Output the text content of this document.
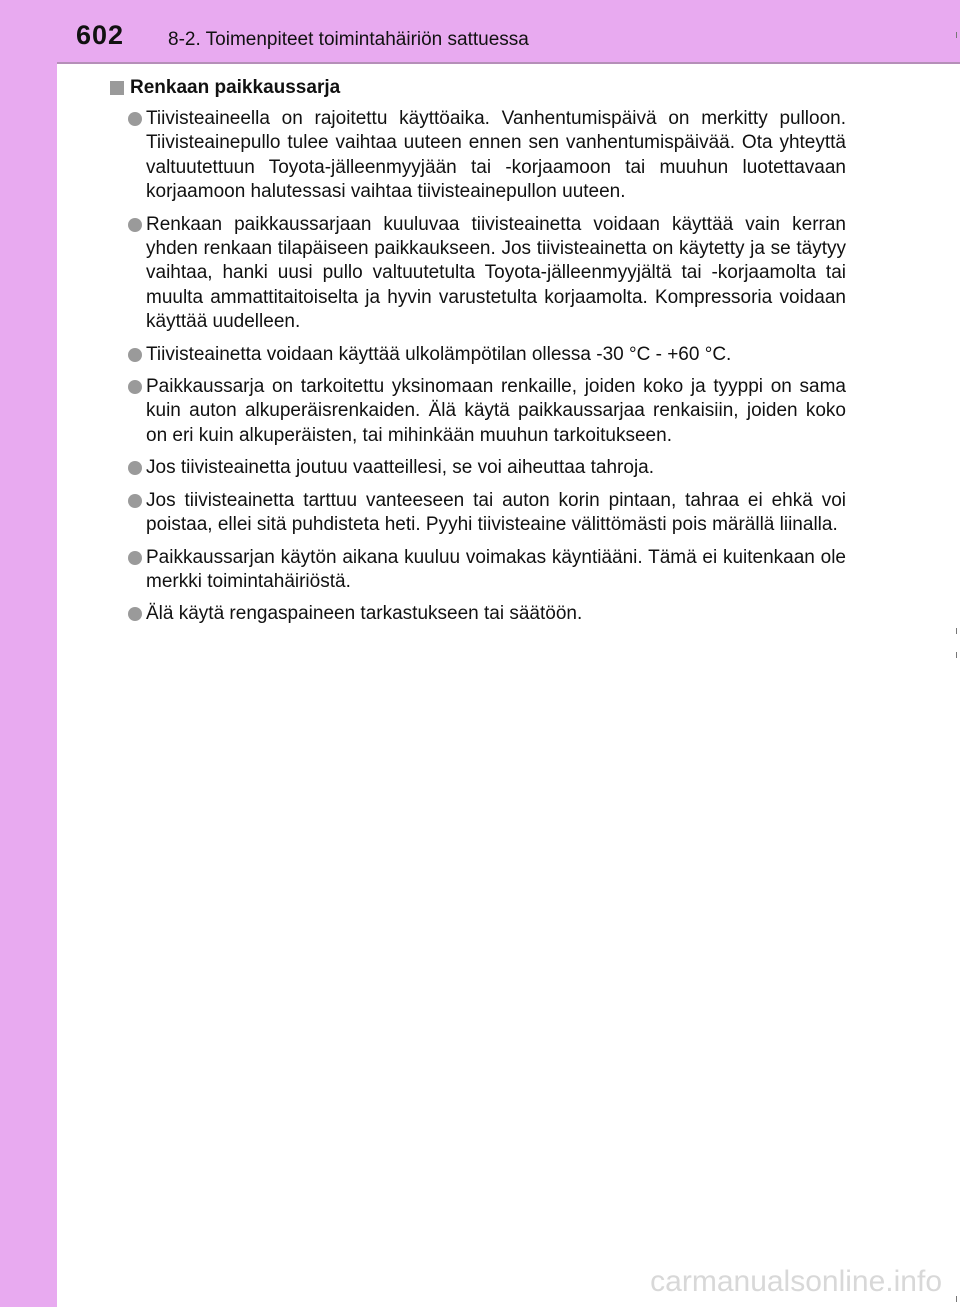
602 8-2. Toimenpiteet toimintahäiriön sattuessa
Renkaan paikkaussarja
Tiivisteaineella on rajoitettu käyttöaika. Vanhentumispäivä on merkitty pulloon. Tiivisteainepullo tulee vaihtaa uuteen ennen sen vanhentumispäivää. Ota yhteyttä valtuutettuun Toyota-jälleenmyyjään tai -korjaamoon tai muuhun luotettavaan korjaamoon halutessasi vaihtaa tiivisteainepullon uuteen.
Renkaan paikkaussarjaan kuuluvaa tiivisteainetta voidaan käyttää vain kerran yhden renkaan tilapäiseen paikkaukseen. Jos tiivisteainetta on käytetty ja se täytyy vaihtaa, hanki uusi pullo valtuutetulta Toyota-jälleenmyyjältä tai -korjaamolta tai muulta ammattitaitoiselta ja hyvin varustetulta korjaamolta. Kompressoria voidaan käyttää uudelleen.
Tiivisteainetta voidaan käyttää ulkolämpötilan ollessa -30 °C - +60 °C.
Paikkaussarja on tarkoitettu yksinomaan renkaille, joiden koko ja tyyppi on sama kuin auton alkuperäisrenkaiden. Älä käytä paikkaussarjaa renkaisiin, joiden koko on eri kuin alkuperäisten, tai mihinkään muuhun tarkoitukseen.
Jos tiivisteainetta joutuu vaatteillesi, se voi aiheuttaa tahroja.
Jos tiivisteainetta tarttuu vanteeseen tai auton korin pintaan, tahraa ei ehkä voi poistaa, ellei sitä puhdisteta heti. Pyyhi tiivisteaine välittömästi pois märällä liinalla.
Paikkaussarjan käytön aikana kuuluu voimakas käyntiääni. Tämä ei kuitenkaan ole merkki toimintahäiriöstä.
Älä käytä rengaspaineen tarkastukseen tai säätöön.
carmanualsonline.info
